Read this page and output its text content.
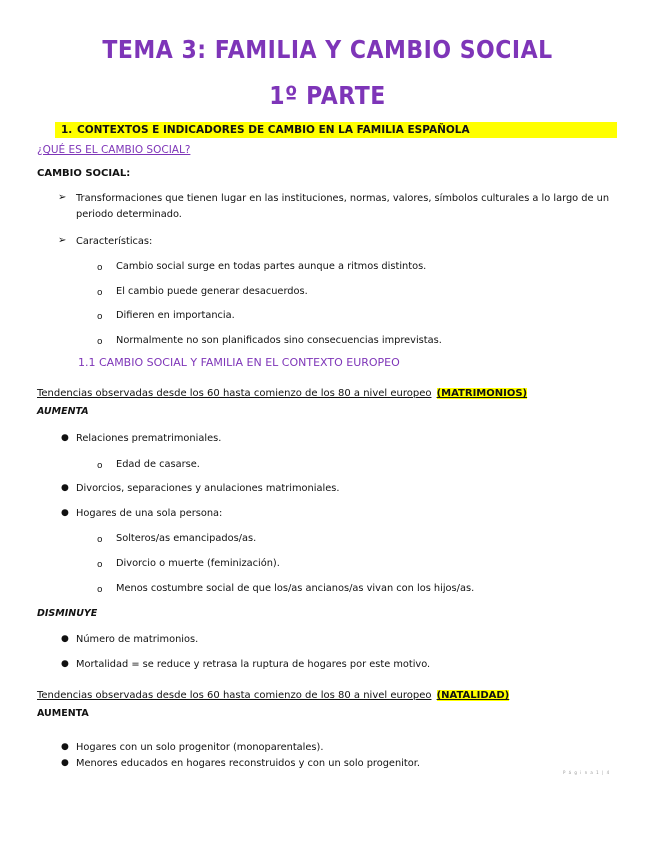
TEMA 3: FAMILIA Y CAMBIO SOCIAL
1º PARTE
1. CONTEXTOS E INDICADORES DE CAMBIO EN LA FAMILIA ESPAÑOLA
¿QUÉ ES EL CAMBIO SOCIAL?
CAMBIO SOCIAL:
➢ Transformaciones que tienen lugar en las instituciones, normas, valores, símbolos culturales a lo largo de un periodo determinado.
➢ Características:
o Cambio social surge en todas partes aunque a ritmos distintos.
o El cambio puede generar desacuerdos.
o Difieren en importancia.
o Normalmente no son planificados sino consecuencias imprevistas.
1.1 CAMBIO SOCIAL Y FAMILIA EN EL CONTEXTO EUROPEO
Tendencias observadas desde los 60 hasta comienzo de los 80 a nivel europeo (MATRIMONIOS)
AUMENTA
● Relaciones prematrimoniales.
o Edad de casarse.
● Divorcios, separaciones y anulaciones matrimoniales.
● Hogares de una sola persona:
o Solteros/as emancipados/as.
o Divorcio o muerte (feminización).
o Menos costumbre social de que los/as ancianos/as vivan con los hijos/as.
DISMINUYE
● Número de matrimonios.
● Mortalidad = se reduce y retrasa la ruptura de hogares por este motivo.
Tendencias observadas desde los 60 hasta comienzo de los 80 a nivel europeo (NATALIDAD)
AUMENTA
● Hogares con un solo progenitor (monoparentales).
● Menores educados en hogares reconstruidos y con un solo progenitor.
P á g i n a 1 | 4
